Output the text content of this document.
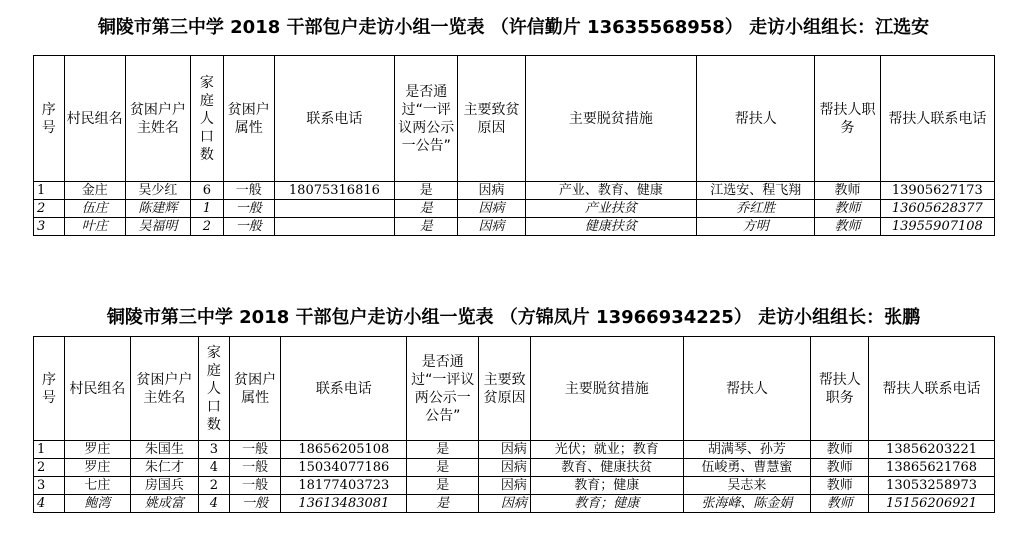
铜陵市第三中学 2018 干部包户走访小组一览表 （许信勤片 13635568958） 走访小组组长：江选安
序号	村民组名	贫困户户主姓名	家庭人口数	贫困户属性	联系电话	是否通过“一评议两公示一公告”	主要致贫原因	主要脱贫措施	帮扶人	帮扶人职务	帮扶人联系电话
1	金庄	吴少红	6	一般	18075316816	是	因病	产业、教育、健康	江选安、程飞翔	教师	13905627173
2	伍庄	陈建辉	1	一般		是	因病	产业扶贫	乔红胜	教师	13605628377
3	叶庄	吴福明	2	一般		是	因病	健康扶贫	方明	教师	13955907108
铜陵市第三中学 2018 干部包户走访小组一览表 （方锦凤片 13966934225） 走访小组组长：张鹏
序号	村民组名	贫困户户主姓名	家庭人口数	贫困户属性	联系电话	是否通过“一评议两公示一公告”	主要致贫原因	主要脱贫措施	帮扶人	帮扶人职务	帮扶人联系电话
1	罗庄	朱国生	3	一般	18656205108	是	因病	光伏；就业；教育	胡满琴、孙芳	教师	13856203221
2	罗庄	朱仁才	4	一般	15034077186	是	因病	教育、健康扶贫	伍峻勇、曹慧蜜	教师	13865621768
3	七庄	房国兵	2	一般	18177403723	是	因病	教育；健康	吴志来	教师	13053258973
4	鲍湾	姚成富	4	一般	13613483081	是	因病	教育；健康	张海峰、陈金娟	教师	15156206921
